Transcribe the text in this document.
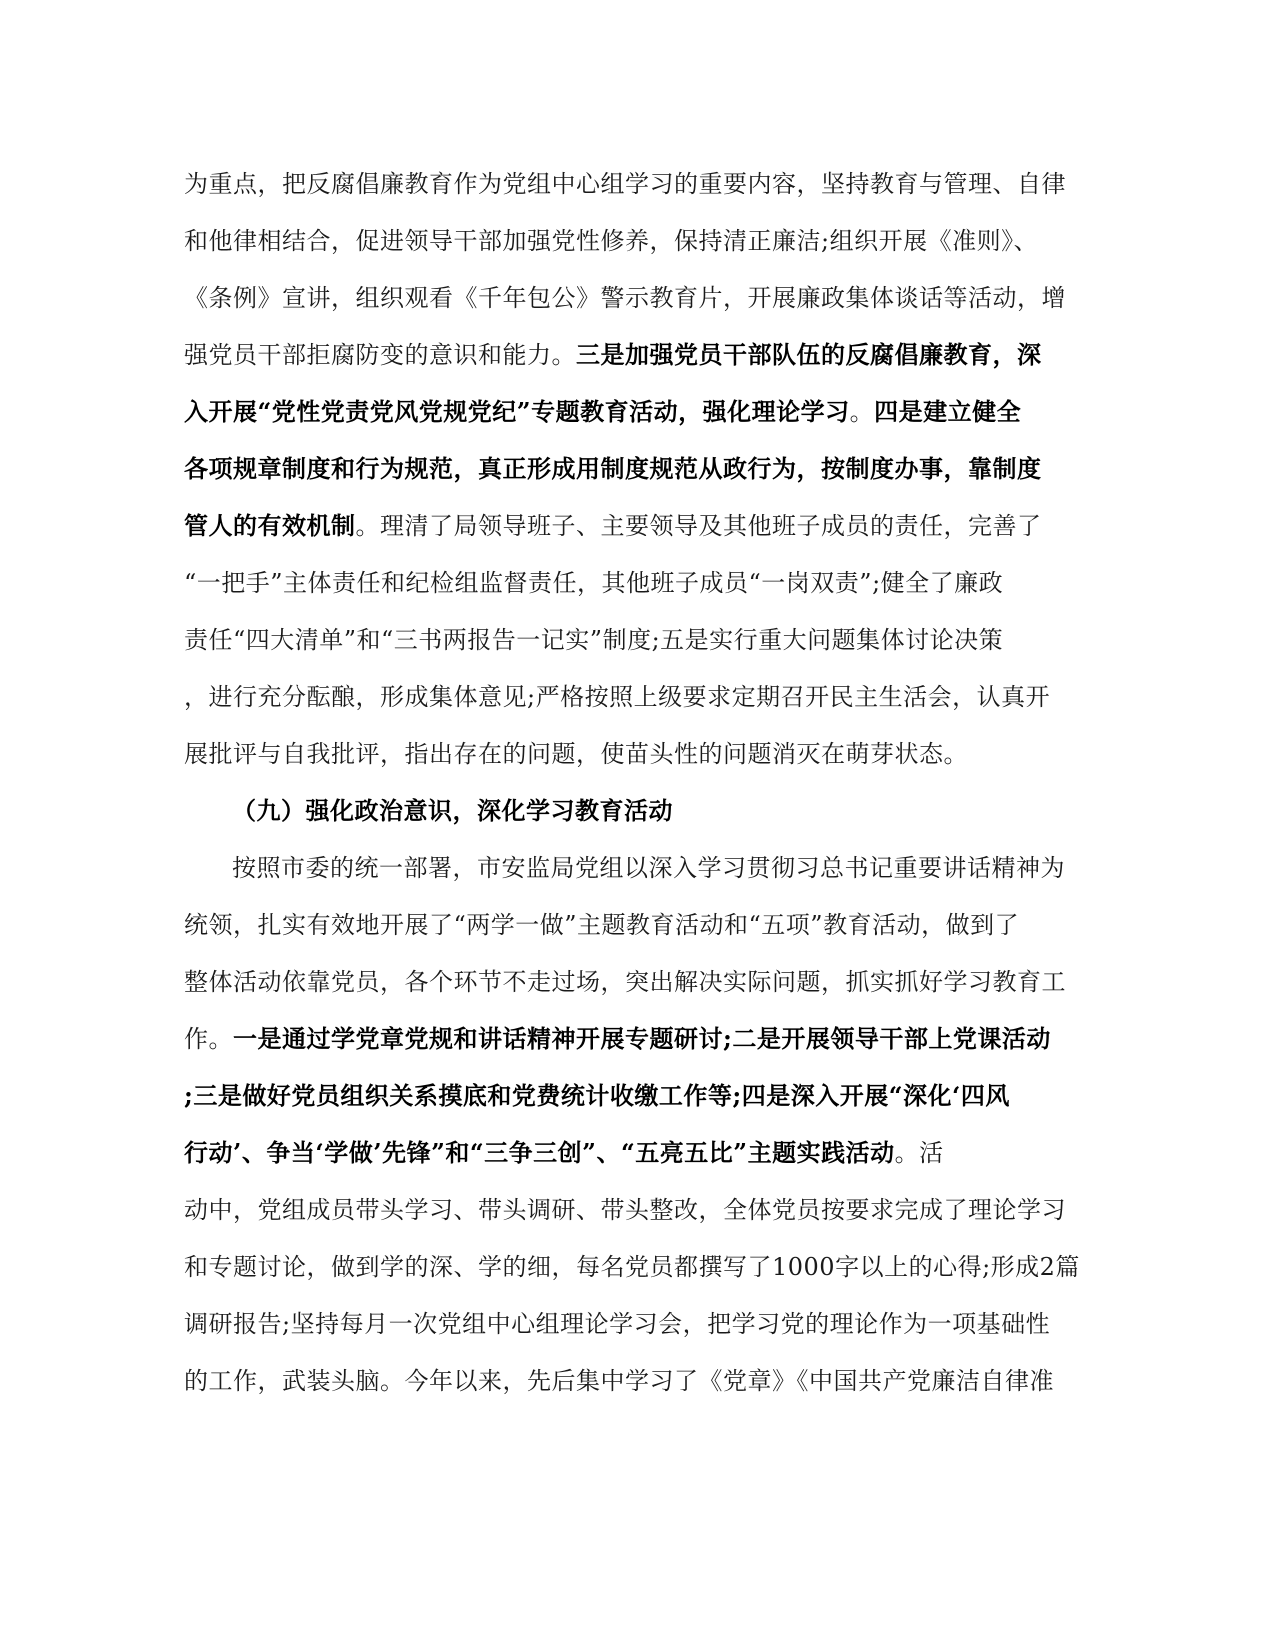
为重点，把反腐倡廉教育作为党组中心组学习的重要内容，坚持教育与管理、自律
和他律相结合，促进领导干部加强党性修养，保持清正廉洁;组织开展《准则》、
《条例》宣讲，组织观看《千年包公》警示教育片，开展廉政集体谈话等活动，增
强党员干部拒腐防变的意识和能力。三是加强党员干部队伍的反腐倡廉教育，深
入开展“党性党责党风党规党纪”专题教育活动，强化理论学习。四是建立健全
各项规章制度和行为规范，真正形成用制度规范从政行为，按制度办事，靠制度
管人的有效机制。理清了局领导班子、主要领导及其他班子成员的责任，完善了
“一把手”主体责任和纪检组监督责任，其他班子成员“一岗双责”;健全了廉政
责任“四大清单”和“三书两报告一记实”制度;五是实行重大问题集体讨论决策
，进行充分酝酿，形成集体意见;严格按照上级要求定期召开民主生活会，认真开
展批评与自我批评，指出存在的问题，使苗头性的问题消灭在萌芽状态。
（九）强化政治意识，深化学习教育活动
按照市委的统一部署，市安监局党组以深入学习贯彻习总书记重要讲话精神为
统领，扎实有效地开展了“两学一做”主题教育活动和“五项”教育活动，做到了
整体活动依靠党员，各个环节不走过场，突出解决实际问题，抓实抓好学习教育工
作。一是通过学党章党规和讲话精神开展专题研讨;二是开展领导干部上党课活动
;三是做好党员组织关系摸底和党费统计收缴工作等;四是深入开展“深化‘四风
行动’、争当‘学做’先锋”和“三争三创”、“五亮五比”主题实践活动。活
动中，党组成员带头学习、带头调研、带头整改，全体党员按要求完成了理论学习
和专题讨论，做到学的深、学的细，每名党员都撰写了1000字以上的心得;形成2篇
调研报告;坚持每月一次党组中心组理论学习会，把学习党的理论作为一项基础性
的工作，武装头脑。今年以来，先后集中学习了《党章》《中国共产党廉洁自律准
